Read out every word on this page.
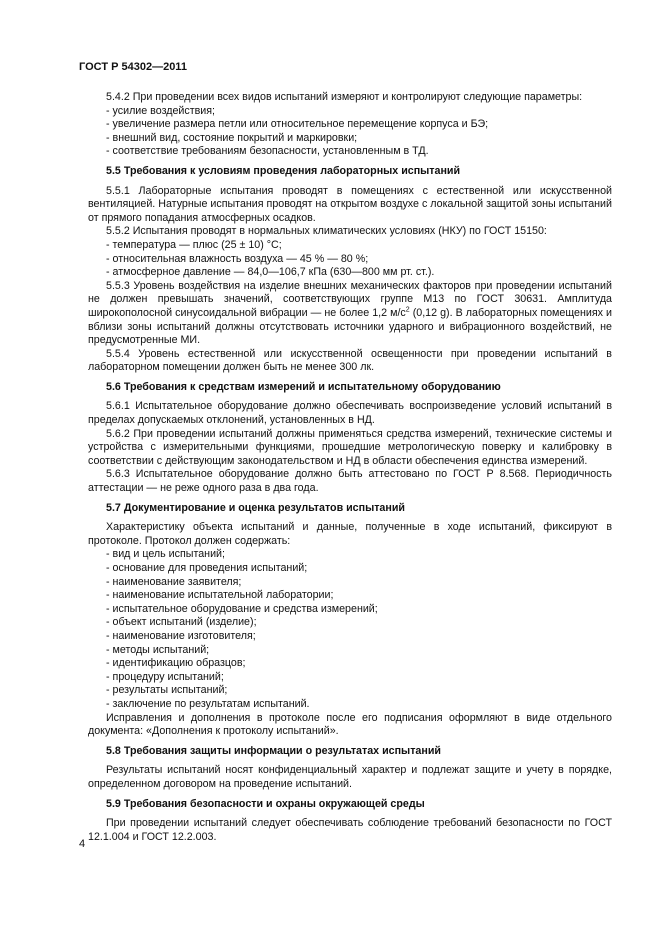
ГОСТ Р 54302—2011

5.4.2 При проведении всех видов испытаний измеряют и контролируют следующие параметры:

- усилие воздействия;

- увеличение размера петли или относительное перемещение корпуса и БЭ;

- внешний вид, состояние покрытий и маркировки;

- соответствие требованиям безопасности, установленным в ТД.

5.5 Требования к условиям проведения лабораторных испытаний

5.5.1 Лабораторные испытания проводят в помещениях с естественной или искусственной вентиляцией. Натурные испытания проводят на открытом воздухе с локальной защитой зоны испытаний от прямого попадания атмосферных осадков.

5.5.2 Испытания проводят в нормальных климатических условиях (НКУ) по ГОСТ 15150:

- температура — плюс (25 ± 10) °С;

- относительная влажность воздуха — 45 % — 80 %;

- атмосферное давление — 84,0—106,7 кПа (630—800 мм рт. ст.).

5.5.3 Уровень воздействия на изделие внешних механических факторов при проведении испытаний не должен превышать значений, соответствующих группе М13 по ГОСТ 30631. Амплитуда широкополосной синусоидальной вибрации — не более 1,2 $м/с^2$ (0,12 g). В лабораторных помещениях и вблизи зоны испытаний должны отсутствовать источники ударного и вибрационного воздействий, не предусмотренные МИ.

5.5.4 Уровень естественной или искусственной освещенности при проведении испытаний в лабораторном помещении должен быть не менее 300 лк.

5.6 Требования к средствам измерений и испытательному оборудованию

5.6.1 Испытательное оборудование должно обеспечивать воспроизведение условий испытаний в пределах допускаемых отклонений, установленных в НД.

5.6.2 При проведении испытаний должны применяться средства измерений, технические системы и устройства с измерительными функциями, прошедшие метрологическую поверку и калибровку в соответствии с действующим законодательством и НД в области обеспечения единства измерений.

5.6.3 Испытательное оборудование должно быть аттестовано по ГОСТ Р 8.568. Периодичность аттестации — не реже одного раза в два года.

5.7 Документирование и оценка результатов испытаний

Характеристику объекта испытаний и данные, полученные в ходе испытаний, фиксируют в протоколе. Протокол должен содержать:

- вид и цель испытаний;

- основание для проведения испытаний;

- наименование заявителя;

- наименование испытательной лаборатории;

- испытательное оборудование и средства измерений;

- объект испытаний (изделие);

- наименование изготовителя;

- методы испытаний;

- идентификацию образцов;

- процедуру испытаний;

- результаты испытаний;

- заключение по результатам испытаний.

Исправления и дополнения в протоколе после его подписания оформляют в виде отдельного документа: «Дополнения к протоколу испытаний».

5.8 Требования защиты информации о результатах испытаний

Результаты испытаний носят конфиденциальный характер и подлежат защите и учету в порядке, определенном договором на проведение испытаний.

5.9 Требования безопасности и охраны окружающей среды

При проведении испытаний следует обеспечивать соблюдение требований безопасности по ГОСТ 12.1.004 и ГОСТ 12.2.003.

4
